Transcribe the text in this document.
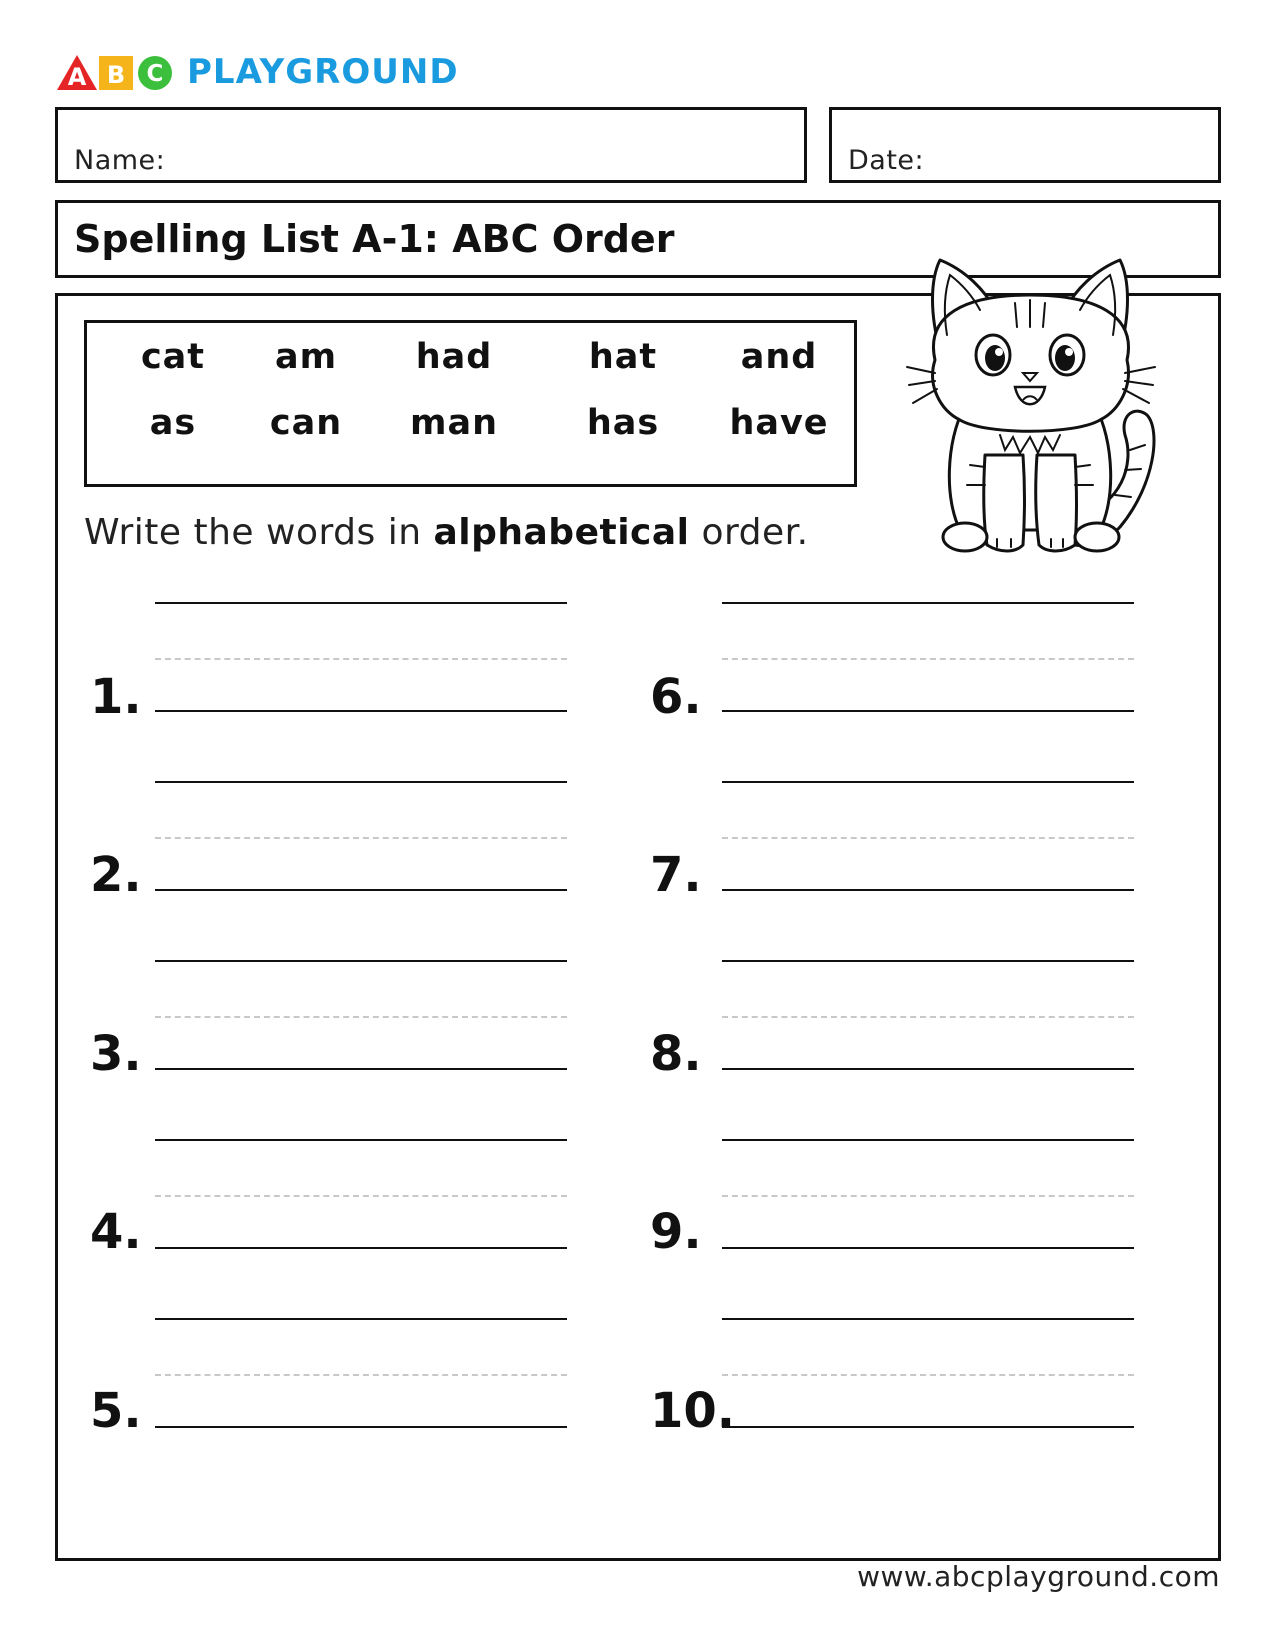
A B C PLAYGROUND
Name:	Date:
Spelling List A-1: ABC Order
cat	am	had	hat	and
as	can	man	has	have
Write the words in alphabetical order.
1.
2.
3.
4.
5.
6.
7.
8.
9.
10.
www.abcplayground.com
